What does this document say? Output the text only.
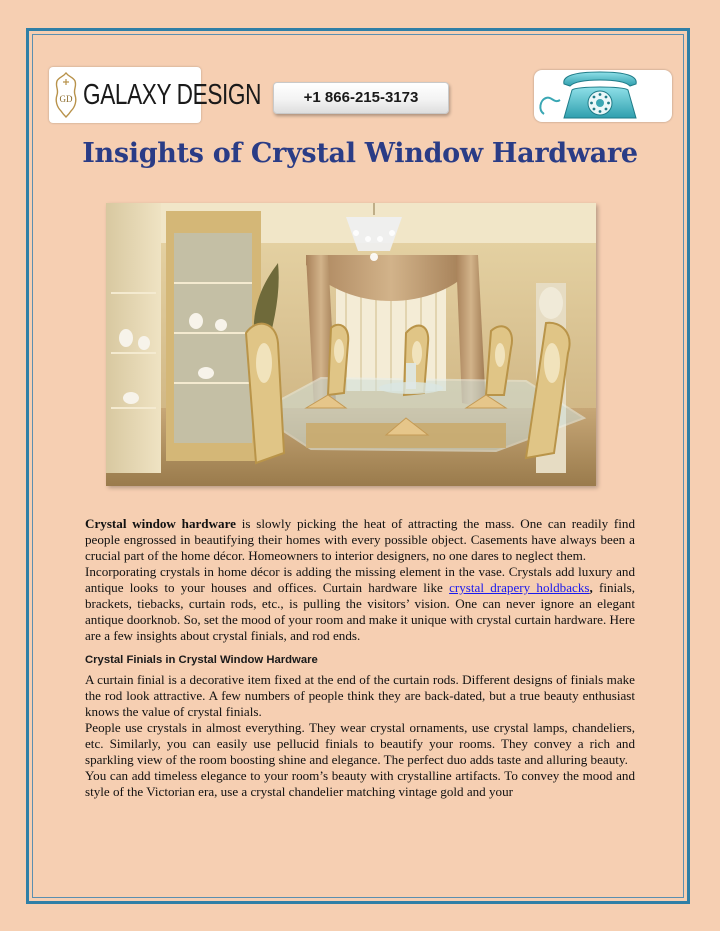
GD GALAXY DESIGN	+1 866-215-3173
Insights of Crystal Window Hardware

Crystal window hardware is slowly picking the heat of attracting the mass. One can readily find people engrossed in beautifying their homes with every possible object. Casements have always been a crucial part of the home décor. Homeowners to interior designers, no one dares to neglect them.

Incorporating crystals in home décor is adding the missing element in the vase. Crystals add luxury and antique looks to your houses and offices. Curtain hardware like crystal drapery holdbacks, finials, brackets, tiebacks, curtain rods, etc., is pulling the visitors’ vision. One can never ignore an elegant antique doorknob. So, set the mood of your room and make it unique with crystal curtain hardware. Here are a few insights about crystal finials, and rod ends.

Crystal Finials in Crystal Window Hardware

A curtain finial is a decorative item fixed at the end of the curtain rods. Different designs of finials make the rod look attractive. A few numbers of people think they are back-dated, but a true beauty enthusiast knows the value of crystal finials.

People use crystals in almost everything. They wear crystal ornaments, use crystal lamps, chandeliers, etc. Similarly, you can easily use pellucid finials to beautify your rooms. They convey a rich and sparkling view of the room boosting shine and elegance. The perfect duo adds taste and alluring beauty.

You can add timeless elegance to your room’s beauty with crystalline artifacts. To convey the mood and style of the Victorian era, use a crystal chandelier matching vintage gold and your
